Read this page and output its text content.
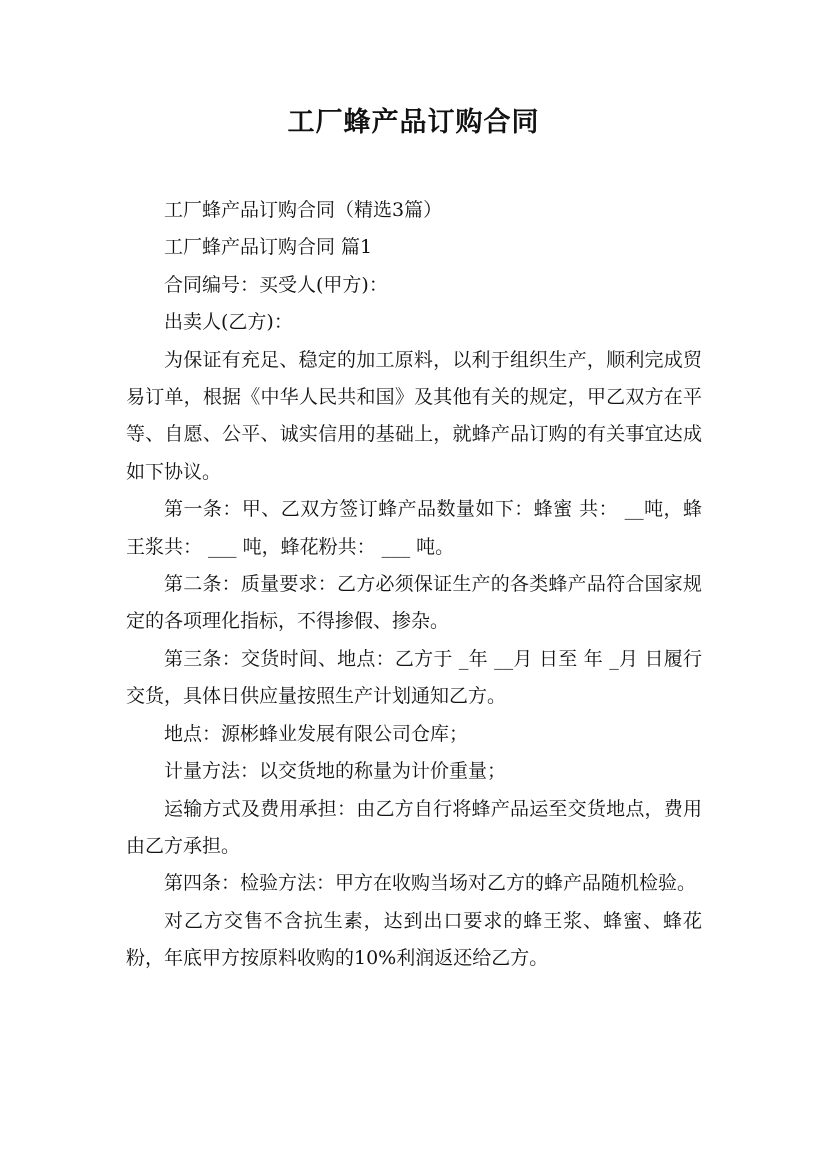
工厂蜂产品订购合同

工厂蜂产品订购合同（精选3篇）

工厂蜂产品订购合同 篇1

合同编号：买受人(甲方)：

出卖人(乙方)：

为保证有充足、稳定的加工原料，以利于组织生产，顺利完成贸易订单，根据《中华人民共和国》及其他有关的规定，甲乙双方在平等、自愿、公平、诚实信用的基础上，就蜂产品订购的有关事宜达成如下协议。

第一条：甲、乙双方签订蜂产品数量如下：蜂蜜 共： __吨，蜂王浆共： ___ 吨，蜂花粉共： ___ 吨。

第二条：质量要求：乙方必须保证生产的各类蜂产品符合国家规定的各项理化指标，不得掺假、掺杂。

第三条：交货时间、地点：乙方于 _年 __月 日至 年 _月 日履行交货，具体日供应量按照生产计划通知乙方。

地点：源彬蜂业发展有限公司仓库；

计量方法：以交货地的称量为计价重量；

运输方式及费用承担：由乙方自行将蜂产品运至交货地点，费用由乙方承担。

第四条：检验方法：甲方在收购当场对乙方的蜂产品随机检验。

对乙方交售不含抗生素，达到出口要求的蜂王浆、蜂蜜、蜂花粉，年底甲方按原料收购的10%利润返还给乙方。
